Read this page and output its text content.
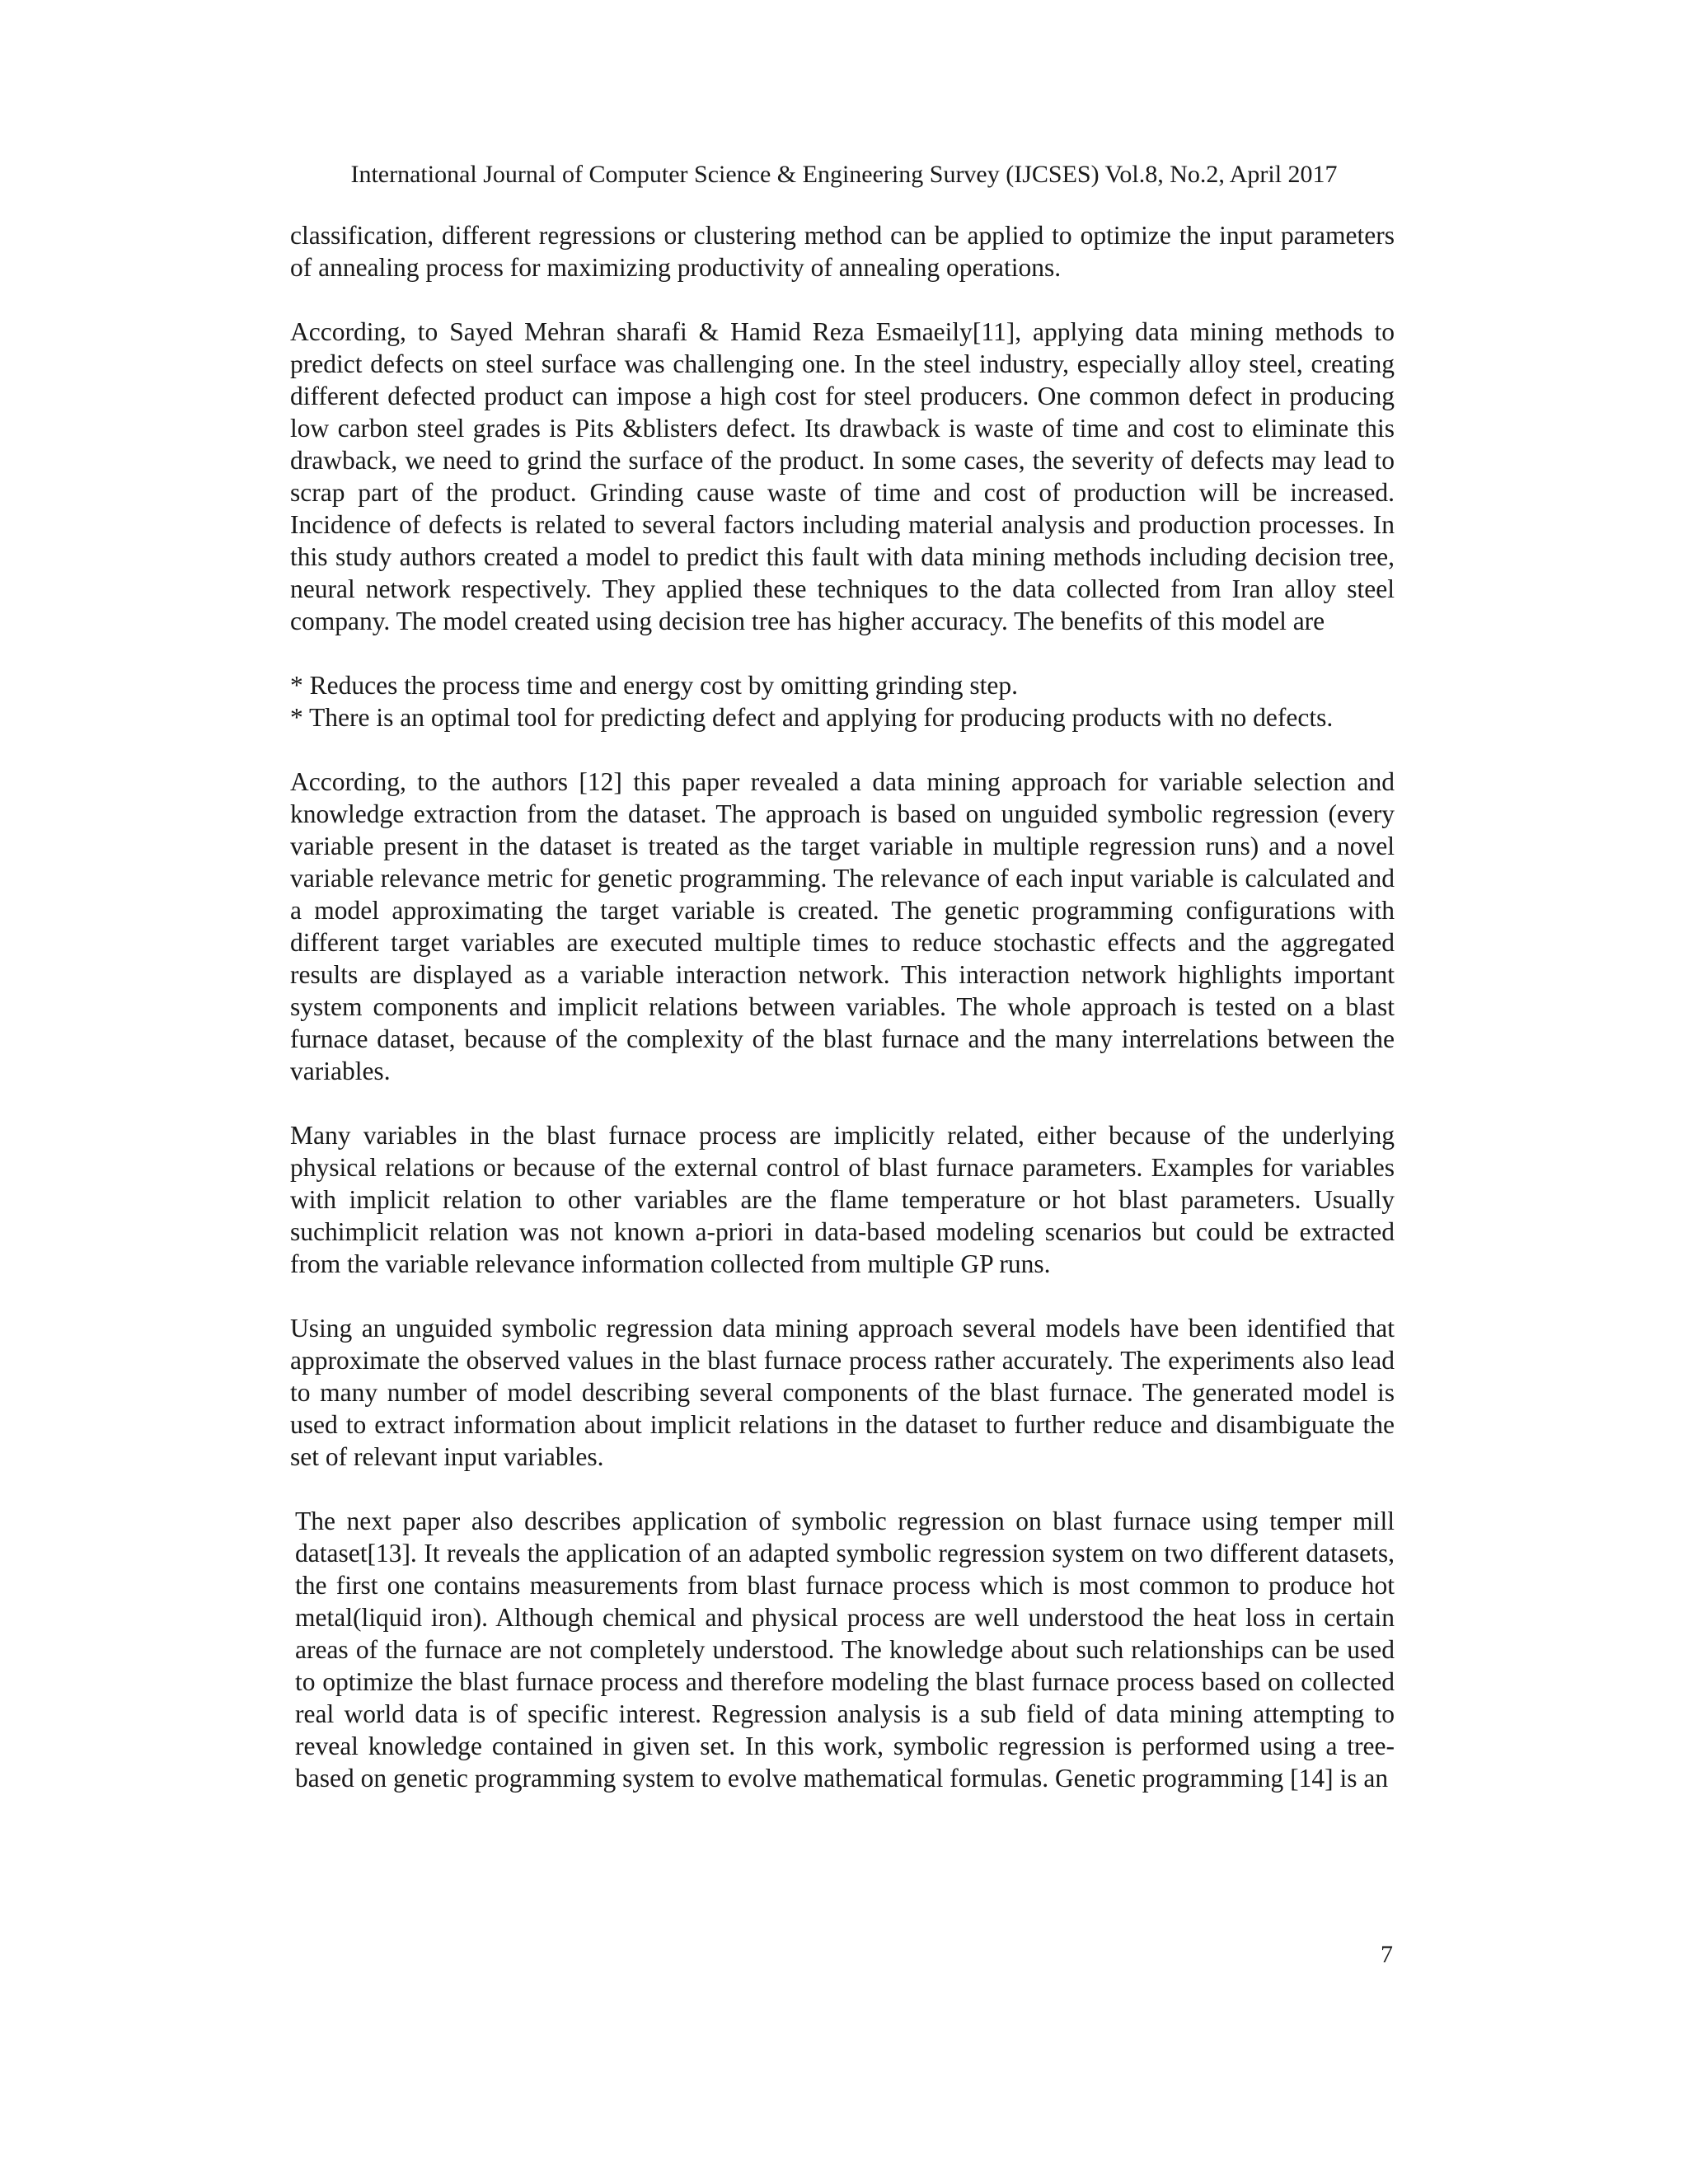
International Journal of Computer Science & Engineering Survey (IJCSES) Vol.8, No.2, April 2017

classification, different regressions or clustering method can be applied to optimize the input parameters of annealing process for maximizing productivity of annealing operations.

According, to Sayed Mehran sharafi & Hamid Reza Esmaeily[11], applying data mining methods to predict defects on steel surface was challenging one. In the steel industry, especially alloy steel, creating different defected product can impose a high cost for steel producers. One common defect in producing low carbon steel grades is Pits &blisters defect. Its drawback is waste of time and cost to eliminate this drawback, we need to grind the surface of the product. In some cases, the severity of defects may lead to scrap part of the product. Grinding cause waste of time and cost of production will be increased. Incidence of defects is related to several factors including material analysis and production processes. In this study authors created a model to predict this fault with data mining methods including decision tree, neural network respectively. They applied these techniques to the data collected from Iran alloy steel company. The model created using decision tree has higher accuracy. The benefits of this model are

* Reduces the process time and energy cost by omitting grinding step.

* There is an optimal tool for predicting defect and applying for producing products with no defects.

According, to the authors [12] this paper revealed a data mining approach for variable selection and knowledge extraction from the dataset. The approach is based on unguided symbolic regression (every variable present in the dataset is treated as the target variable in multiple regression runs) and a novel variable relevance metric for genetic programming. The relevance of each input variable is calculated and a model approximating the target variable is created. The genetic programming configurations with different target variables are executed multiple times to reduce stochastic effects and the aggregated results are displayed as a variable interaction network. This interaction network highlights important system components and implicit relations between variables. The whole approach is tested on a blast furnace dataset, because of the complexity of the blast furnace and the many interrelations between the variables.

Many variables in the blast furnace process are implicitly related, either because of the underlying physical relations or because of the external control of blast furnace parameters. Examples for variables with implicit relation to other variables are the flame temperature or hot blast parameters. Usually suchimplicit relation was not known a-priori in data-based modeling scenarios but could be extracted from the variable relevance information collected from multiple GP runs.

Using an unguided symbolic regression data mining approach several models have been identified that approximate the observed values in the blast furnace process rather accurately. The experiments also lead to many number of model describing several components of the blast furnace. The generated model is used to extract information about implicit relations in the dataset to further reduce and disambiguate the set of relevant input variables.

The next paper also describes application of symbolic regression on blast furnace using temper mill dataset[13]. It reveals the application of an adapted symbolic regression system on two different datasets, the first one contains measurements from blast furnace process which is most common to produce hot metal(liquid iron). Although chemical and physical process are well understood the heat loss in certain areas of the furnace are not completely understood. The knowledge about such relationships can be used to optimize the blast furnace process and therefore modeling the blast furnace process based on collected real world data is of specific interest. Regression analysis is a sub field of data mining attempting to reveal knowledge contained in given set. In this work, symbolic regression is performed using a tree-based on genetic programming system to evolve mathematical formulas. Genetic programming [14] is an

7
